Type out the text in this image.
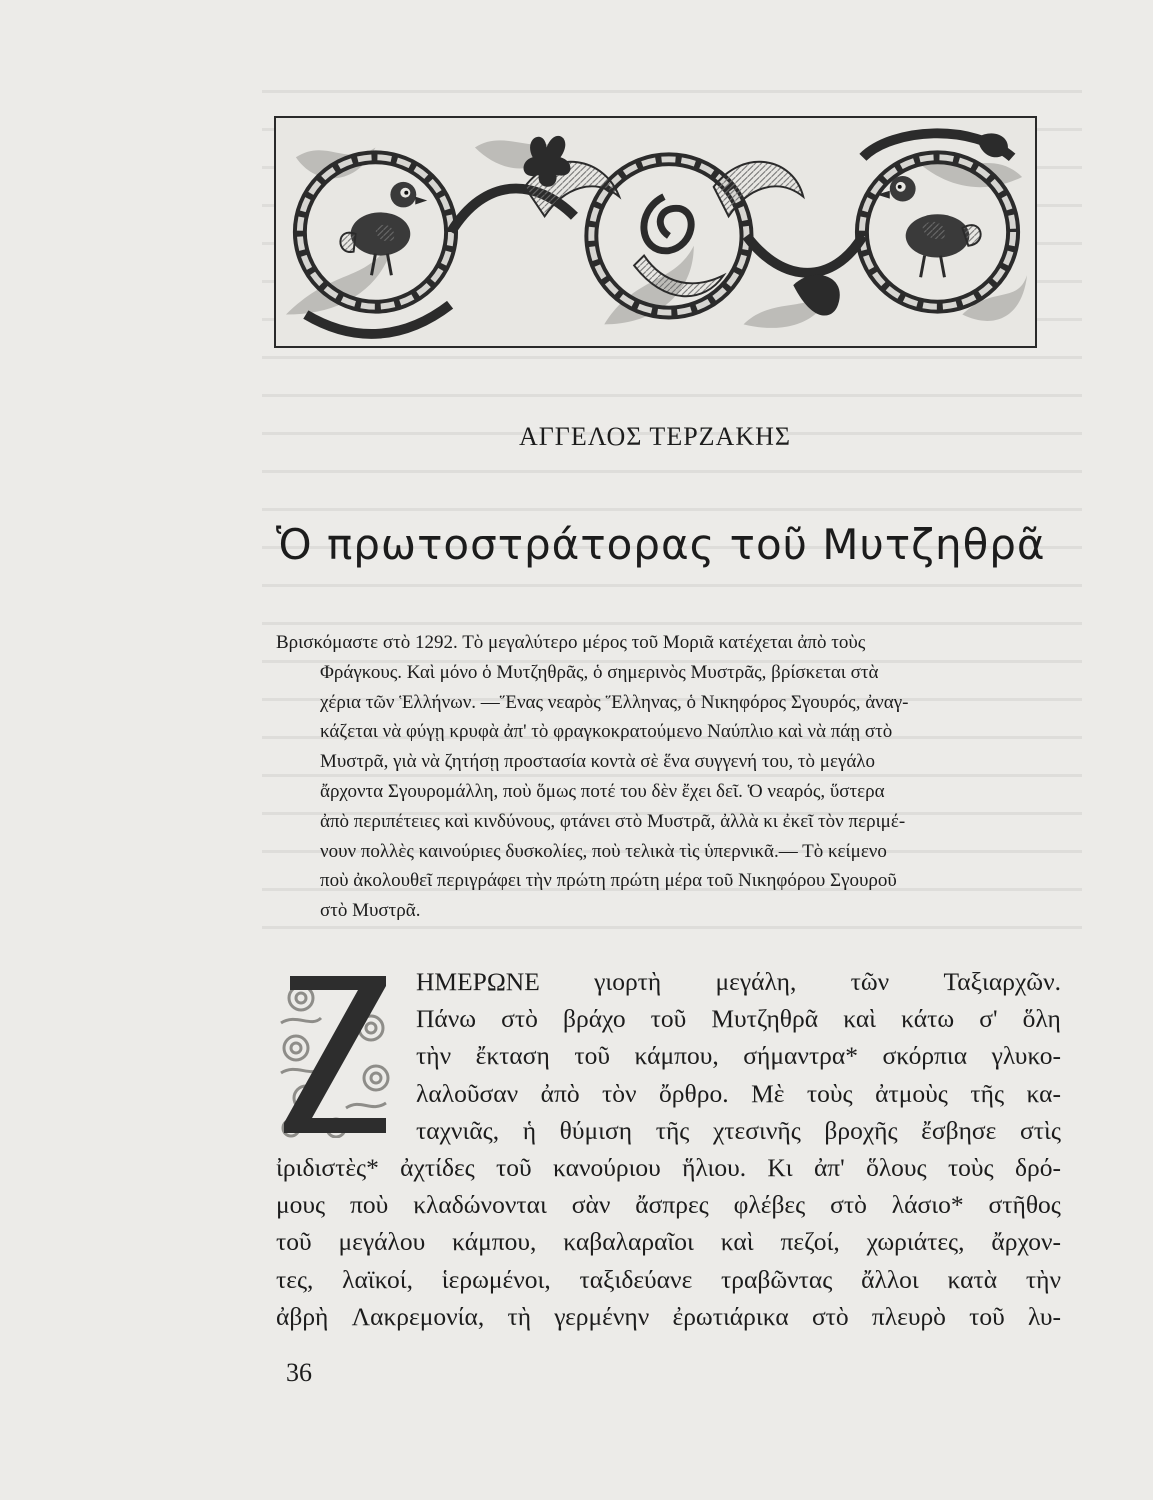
ΑΓΓΕΛΟΣ ΤΕΡΖΑΚΗΣ
Ὁ πρωτοστράτορας τοῦ Μυτζηθρᾶ
Βρισκόμαστε στὸ 1292. Τὸ μεγαλύτερο μέρος τοῦ Μοριᾶ κατέχεται ἀπὸ τοὺς
Φράγκους. Καὶ μόνο ὁ Μυτζηθρᾶς, ὁ σημερινὸς Μυστρᾶς, βρίσκεται στὰ
χέρια τῶν Ἑλλήνων. —Ἕνας νεαρὸς Ἕλληνας, ὁ Νικηφόρος Σγουρός, ἀναγ-
κάζεται νὰ φύγῃ κρυφὰ ἀπ' τὸ φραγκοκρατούμενο Ναύπλιο καὶ νὰ πάῃ στὸ
Μυστρᾶ, γιὰ νὰ ζητήσῃ προστασία κοντὰ σὲ ἕνα συγγενή του, τὸ μεγάλο
ἄρχοντα Σγουρομάλλη, ποὺ ὅμως ποτέ του δὲν ἔχει δεῖ. Ὁ νεαρός, ὕστερα
ἀπὸ περιπέτειες καὶ κινδύνους, φτάνει στὸ Μυστρᾶ, ἀλλὰ κι ἐκεῖ τὸν περιμέ-
νουν πολλὲς καινούριες δυσκολίες, ποὺ τελικὰ τὶς ὑπερνικᾶ.— Τὸ κείμενο
ποὺ ἀκολουθεῖ περιγράφει τὴν πρώτη πρώτη μέρα τοῦ Νικηφόρου Σγουροῦ
στὸ Μυστρᾶ.
Z
ΗΜΕΡΩΝΕ γιορτὴ μεγάλη, τῶν Ταξιαρχῶν.
Πάνω στὸ βράχο τοῦ Μυτζηθρᾶ καὶ κάτω σ' ὅλη
τὴν ἔκταση τοῦ κάμπου, σήμαντρα* σκόρπια γλυκο-
λαλοῦσαν ἀπὸ τὸν ὄρθρο. Μὲ τοὺς ἀτμοὺς τῆς κα-
ταχνιᾶς, ἡ θύμιση τῆς χτεσινῆς βροχῆς ἔσβησε στὶς
ἰριδιστὲς* ἀχτίδες τοῦ κανούριου ἥλιου. Κι ἀπ' ὅλους τοὺς δρό-
μους ποὺ κλαδώνονται σὰν ἄσπρες φλέβες στὸ λάσιο* στῆθος
τοῦ μεγάλου κάμπου, καβαλαραῖοι καὶ πεζοί, χωριάτες, ἄρχον-
τες, λαϊκοί, ἱερωμένοι, ταξιδεύανε τραβῶντας ἄλλοι κατὰ τὴν
ἀβρὴ Λακρεμονία, τὴ γερμένην ἐρωτιάρικα στὸ πλευρὸ τοῦ λυ-
36
